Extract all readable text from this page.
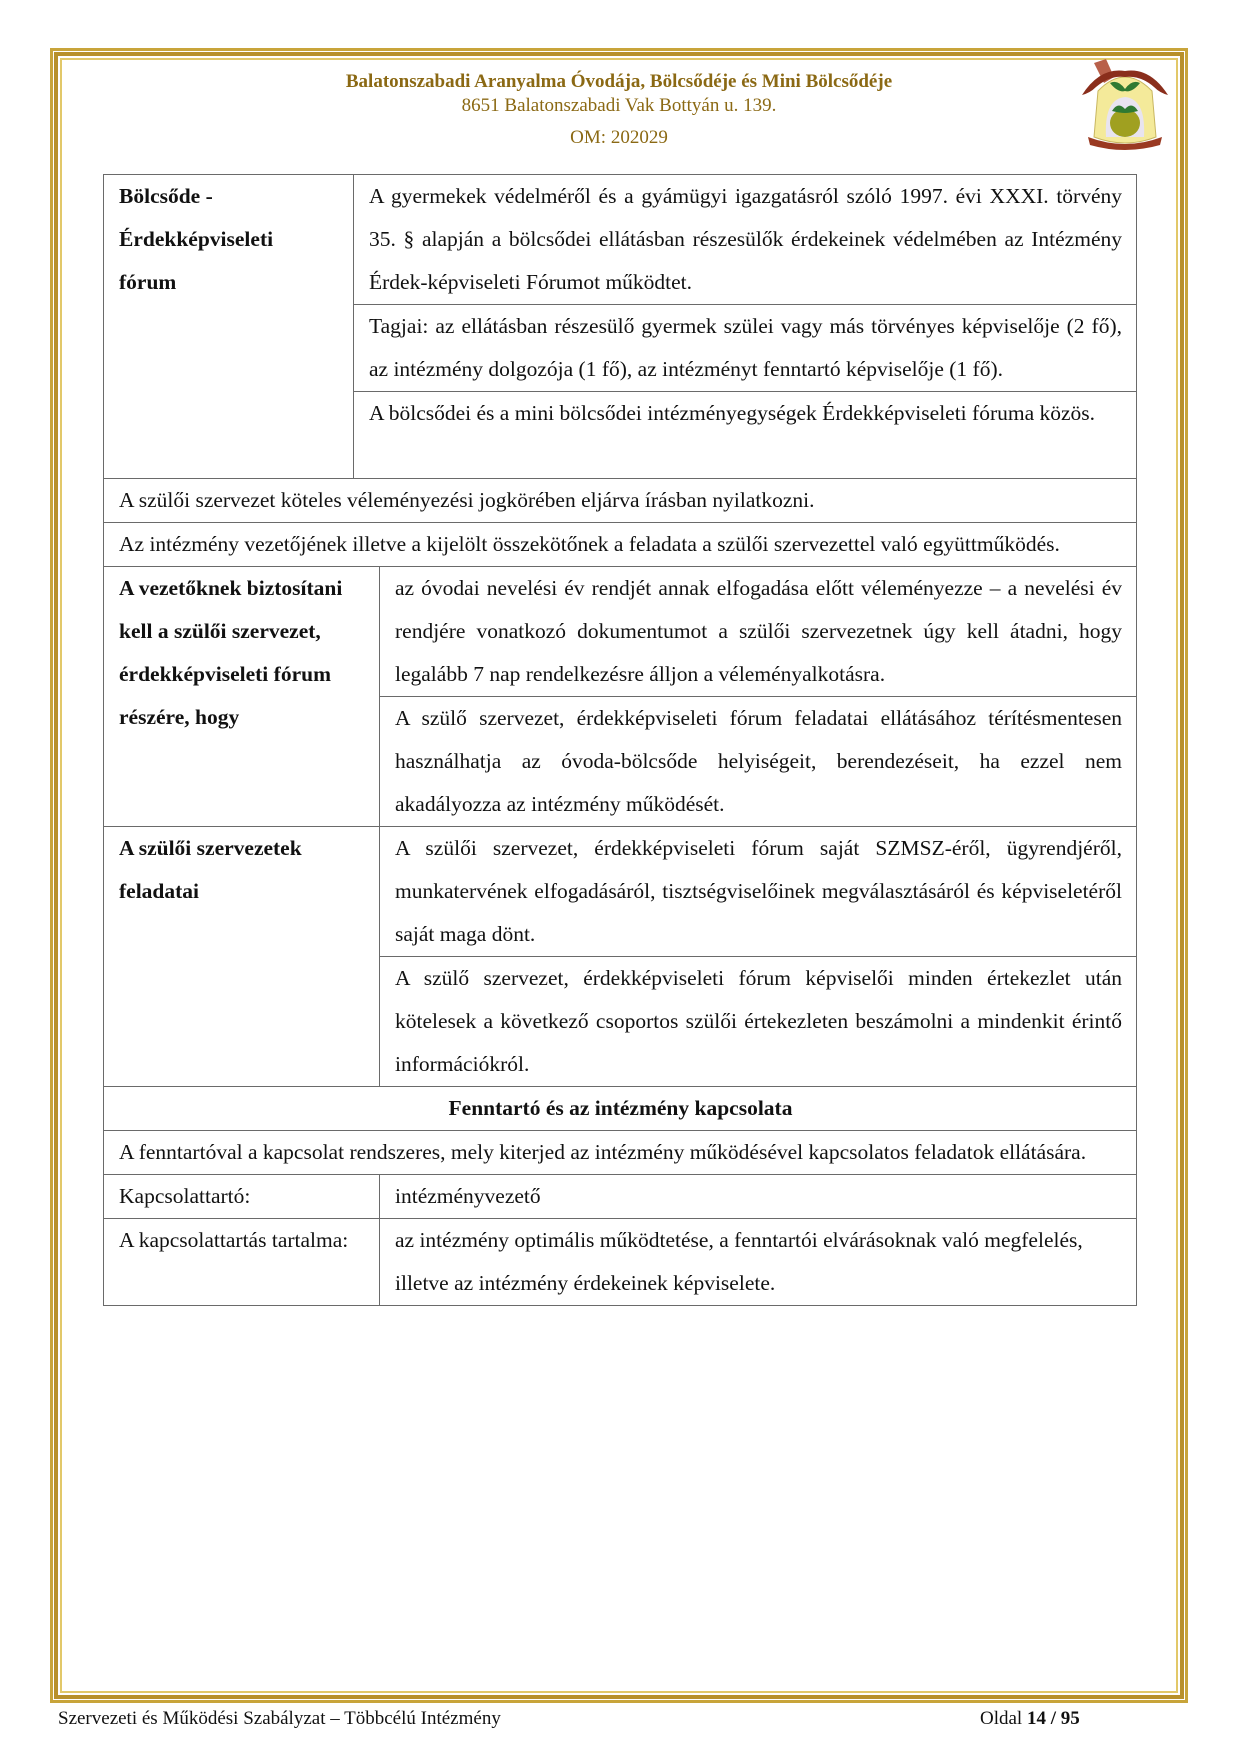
Balatonszabadi Aranyalma Óvodája, Bölcsődéje és Mini Bölcsődéje
8651 Balatonszabadi Vak Bottyán u. 139.
OM: 202029
Bölcsőde -
Érdekképviseleti
fórum	A gyermekek védelméről és a gyámügyi igazgatásról szóló 1997. évi XXXI. törvény 35. § alapján a bölcsődei ellátásban részesülők érdekeinek védelmében az Intézmény Érdek-képviseleti Fórumot működtet.	
	Tagjai: az ellátásban részesülő gyermek szülei vagy más törvényes képviselője (2 fő), az intézmény dolgozója (1 fő), az intézményt fenntartó képviselője (1 fő).	
	A bölcsődei és a mini bölcsődei intézményegységek Érdekképviseleti fóruma közös.	
A szülői szervezet köteles véleményezési jogkörében eljárva írásban nyilatkozni.		
Az intézmény vezetőjének illetve a kijelölt összekötőnek a feladata a szülői szervezettel való együttműködés.		
A vezetőknek biztosítani kell a szülői szervezet, érdekképviseleti fórum részére, hogy		az óvodai nevelési év rendjét annak elfogadása előtt véleményezze – a nevelési év rendjére vonatkozó dokumentumot a szülői szervezetnek úgy kell átadni, hogy legalább 7 nap rendelkezésre álljon a véleményalkotásra.
		A szülő szervezet, érdekképviseleti fórum feladatai ellátásához térítésmentesen használhatja az óvoda-bölcsőde helyiségeit, berendezéseit, ha ezzel nem akadályozza az intézmény működését.
A szülői szervezetek feladatai		A szülői szervezet, érdekképviseleti fórum saját SZMSZ-éről, ügyrendjéről, munkatervének elfogadásáról, tisztségviselőinek megválasztásáról és képviseletéről saját maga dönt.
		A szülő szervezet, érdekképviseleti fórum képviselői minden értekezlet után kötelesek a következő csoportos szülői értekezleten beszámolni a mindenkit érintő információkról.
Fenntartó és az intézmény kapcsolata		
A fenntartóval a kapcsolat rendszeres, mely kiterjed az intézmény működésével kapcsolatos feladatok ellátására.		
Kapcsolattartó:		intézményvezető
A kapcsolattartás tartalma:		az intézmény optimális működtetése, a fenntartói elvárásoknak való megfelelés, illetve az intézmény érdekeinek képviselete.
Szervezeti és Működési Szabályzat – Többcélú Intézmény	Oldal 14 / 95
